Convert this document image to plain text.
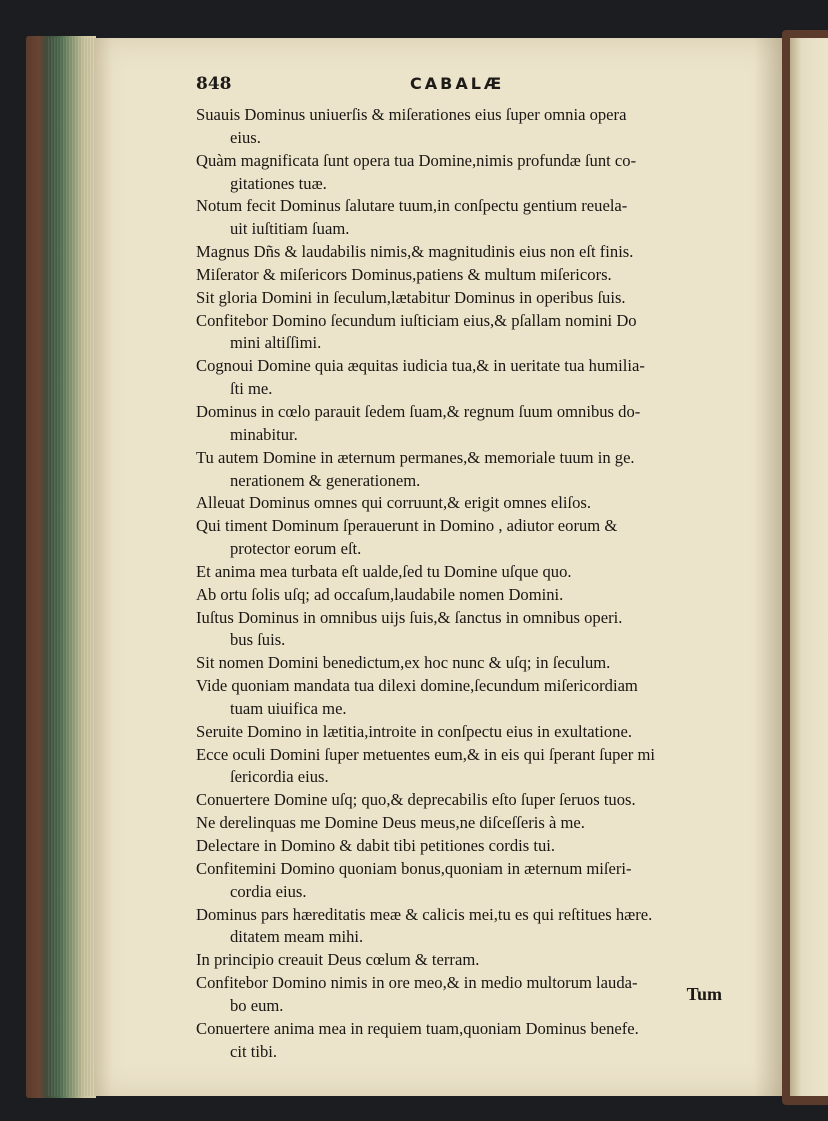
848	CABALÆ
Suauis Dominus uniuerſis & miſerationes eius ſuper omnia opera
eius.
Quàm magnificata ſunt opera tua Domine,nimis profundæ ſunt co-
gitationes tuæ.
Notum fecit Dominus ſalutare tuum,in conſpectu gentium reuela-
uit iuſtitiam ſuam.
Magnus Dñs & laudabilis nimis,& magnitudinis eius non eſt finis.
Miſerator & miſericors Dominus,patiens & multum miſericors.
Sit gloria Domini in ſeculum,lætabitur Dominus in operibus ſuis.
Confitebor Domino ſecundum iuſticiam eius,& pſallam nomini Do
mini altiſſimi.
Cognoui Domine quia æquitas iudicia tua,& in ueritate tua humilia-
ſti me.
Dominus in cœlo parauit ſedem ſuam,& regnum ſuum omnibus do-
minabitur.
Tu autem Domine in æternum permanes,& memoriale tuum in ge.
nerationem & generationem.
Alleuat Dominus omnes qui corruunt,& erigit omnes eliſos.
Qui timent Dominum ſperauerunt in Domino , adiutor eorum &
protector eorum eſt.
Et anima mea turbata eſt ualde,ſed tu Domine uſque quo.
Ab ortu ſolis uſq; ad occaſum,laudabile nomen Domini.
Iuſtus Dominus in omnibus uijs ſuis,& ſanctus in omnibus operi.
bus ſuis.
Sit nomen Domini benedictum,ex hoc nunc & uſq; in ſeculum.
Vide quoniam mandata tua dilexi domine,ſecundum miſericordiam
tuam uiuifica me.
Seruite Domino in lætitia,introite in conſpectu eius in exultatione.
Ecce oculi Domini ſuper metuentes eum,& in eis qui ſperant ſuper mi
ſericordia eius.
Conuertere Domine uſq; quo,& deprecabilis eſto ſuper ſeruos tuos.
Ne derelinquas me Domine Deus meus,ne diſceſſeris à me.
Delectare in Domino & dabit tibi petitiones cordis tui.
Confitemini Domino quoniam bonus,quoniam in æternum miſeri-
cordia eius.
Dominus pars hæreditatis meæ & calicis mei,tu es qui reſtitues hære.
ditatem meam mihi.
In principio creauit Deus cœlum & terram.
Confitebor Domino nimis in ore meo,& in medio multorum lauda-
bo eum.
Conuertere anima mea in requiem tuam,quoniam Dominus benefe.
cit tibi.
Tum
